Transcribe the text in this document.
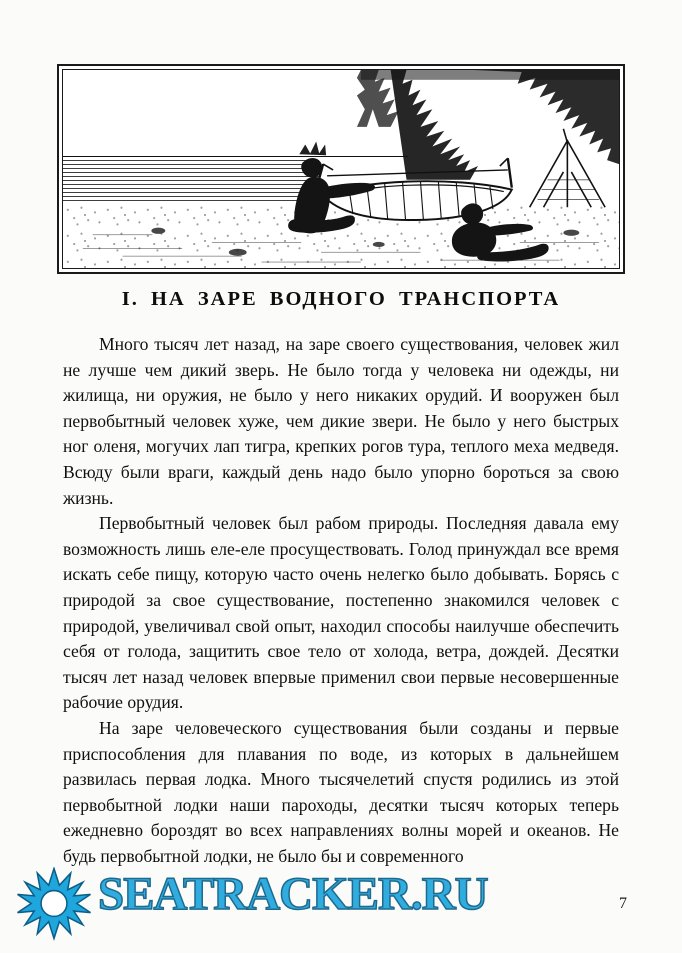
I. НА ЗАРЕ ВОДНОГО ТРАНСПОРТА

Много тысяч лет назад, на заре своего существования, человек жил не лучше чем дикий зверь. Не было тогда у человека ни одежды, ни жилища, ни оружия, не было у него никаких орудий. И вооружен был первобытный человек хуже, чем дикие звери. Не было у него быстрых ног оленя, могучих лап тигра, крепких рогов тура, теплого меха медведя. Всюду были враги, каждый день надо было упорно бороться за свою жизнь.

Первобытный человек был рабом природы. Последняя давала ему возможность лишь еле-еле просуществовать. Голод принуждал все время искать себе пищу, которую часто очень нелегко было добывать. Борясь с природой за свое существование, постепенно знакомился человек с природой, увеличивал свой опыт, находил способы наилучше обеспечить себя от голода, защитить свое тело от холода, ветра, дождей. Десятки тысяч лет назад человек впервые применил свои первые несовершенные рабочие орудия.

На заре человеческого существования были созданы и первые приспособления для плавания по воде, из которых в дальнейшем развилась первая лодка. Много тысячелетий спустя родились из этой первобытной лодки наши пароходы, десятки тысяч которых теперь ежедневно бороздят во всех направлениях волны морей и океанов. Не будь первобытной лодки, не было бы и современного

SEATRACKER.RU	7
